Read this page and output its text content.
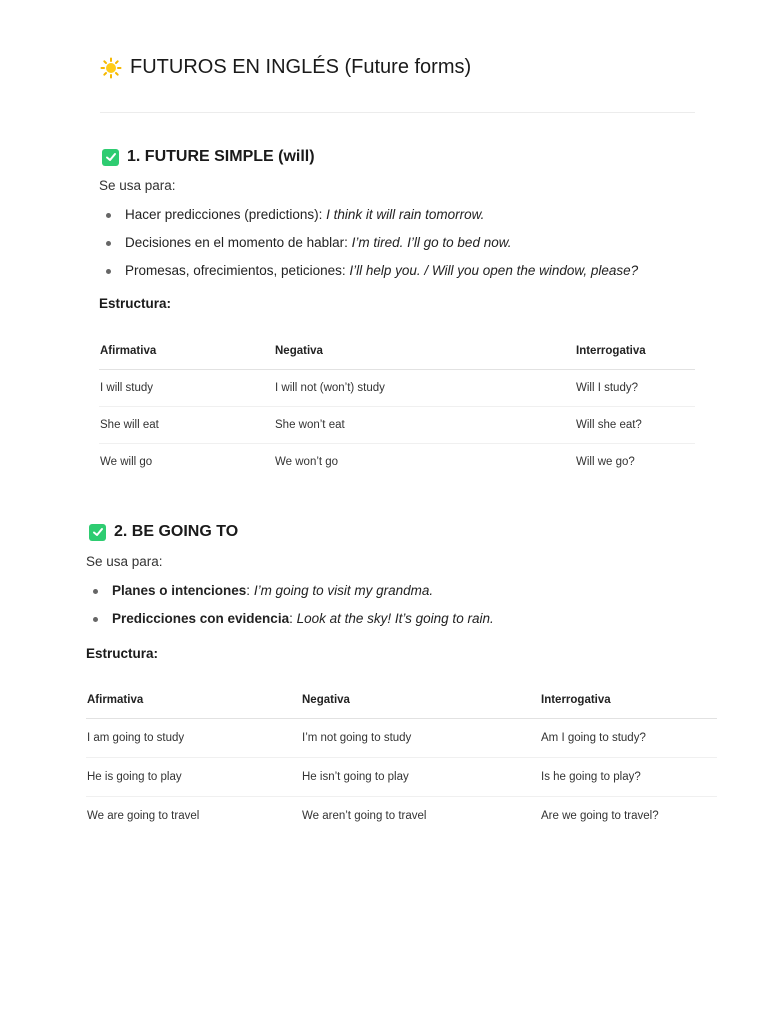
FUTUROS EN INGLÉS (Future forms)
1. FUTURE SIMPLE (will)
Se usa para:
Hacer predicciones (predictions): I think it will rain tomorrow.
Decisiones en el momento de hablar: I’m tired. I’ll go to bed now.
Promesas, ofrecimientos, peticiones: I’ll help you. / Will you open the window, please?
Estructura:
Afirmativa	Negativa	Interrogativa
I will study	I will not (won’t) study	Will I study?
She will eat	She won’t eat	Will she eat?
We will go	We won’t go	Will we go?
2. BE GOING TO
Se usa para:
Planes o intenciones: I’m going to visit my grandma.
Predicciones con evidencia: Look at the sky! It’s going to rain.
Estructura:
Afirmativa	Negativa	Interrogativa
I am going to study	I’m not going to study	Am I going to study?
He is going to play	He isn’t going to play	Is he going to play?
We are going to travel	We aren’t going to travel	Are we going to travel?
